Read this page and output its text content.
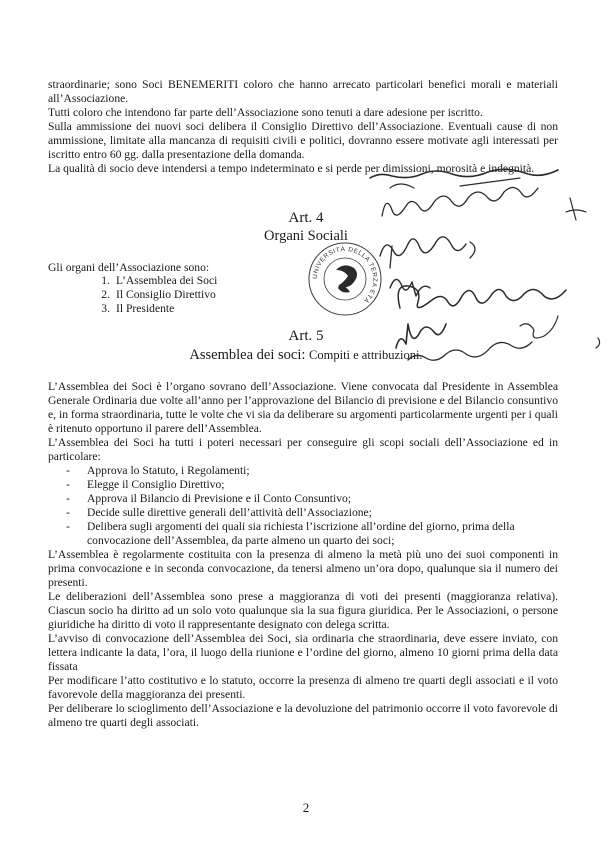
straordinarie; sono Soci BENEMERITI coloro che hanno arrecato particolari benefici morali e materiali all’Associazione.

Tutti coloro che intendono far parte dell’Associazione sono tenuti a dare adesione per iscritto.

Sulla ammissione dei nuovi soci delibera il Consiglio Direttivo dell’Associazione. Eventuali cause di non ammissione, limitate alla mancanza di requisiti civili e politici, dovranno essere motivate agli interessati per iscritto entro 60 gg. dalla presentazione della domanda.

La qualità di socio deve intendersi a tempo indeterminato e si perde per dimissioni, morosità e indegnità.

Art. 4
Organi Sociali

Gli organi dell’Associazione sono:

1. L’Assemblea dei Soci
2. Il Consiglio Direttivo
3. Il Presidente
Art. 5
Assemblea dei soci: Compiti e attribuzioni.

L’Assemblea dei Soci è l’organo sovrano dell’Associazione. Viene convocata dal Presidente in Assemblea Generale Ordinaria due volte all’anno per l’approvazione del Bilancio di previsione e del Bilancio consuntivo e, in forma straordinaria, tutte le volte che vi sia da deliberare su argomenti particolarmente urgenti per i quali è ritenuto opportuno il parere dell’Assemblea.

L’Assemblea dei Soci ha tutti i poteri necessari per conseguire gli scopi sociali dell’Associazione ed in particolare:

- Approva lo Statuto, i Regolamenti;
- Elegge il Consiglio Direttivo;
- Approva il Bilancio di Previsione e il Conto Consuntivo;
- Decide sulle direttive generali dell’attività dell’Associazione;
- Delibera sugli argomenti dei quali sia richiesta l’iscrizione all’ordine del giorno, prima della convocazione dell’Assemblea, da parte almeno un quarto dei soci;

L’Assemblea è regolarmente costituita con la presenza di almeno la metà più uno dei suoi componenti in prima convocazione e in seconda convocazione, da tenersi almeno un’ora dopo, qualunque sia il numero dei presenti.

Le deliberazioni dell’Assemblea sono prese a maggioranza di voti dei presenti (maggioranza relativa). Ciascun socio ha diritto ad un solo voto qualunque sia la sua figura giuridica. Per le Associazioni, o persone giuridiche ha diritto di voto il rappresentante designato con delega scritta.

L’avviso di convocazione dell’Assemblea dei Soci, sia ordinaria che straordinaria, deve essere inviato, con lettera indicante la data, l’ora, il luogo della riunione e l’ordine del giorno, almeno 10 giorni prima della data fissata

Per modificare l’atto costitutivo e lo statuto, occorre la presenza di almeno tre quarti degli associati e il voto favorevole della maggioranza dei presenti.

Per deliberare lo scioglimento dell’Associazione e la devoluzione del patrimonio occorre il voto favorevole di almeno tre quarti degli associati.

UNIVERSITÀ DELLA TERZA ETÀ
2
